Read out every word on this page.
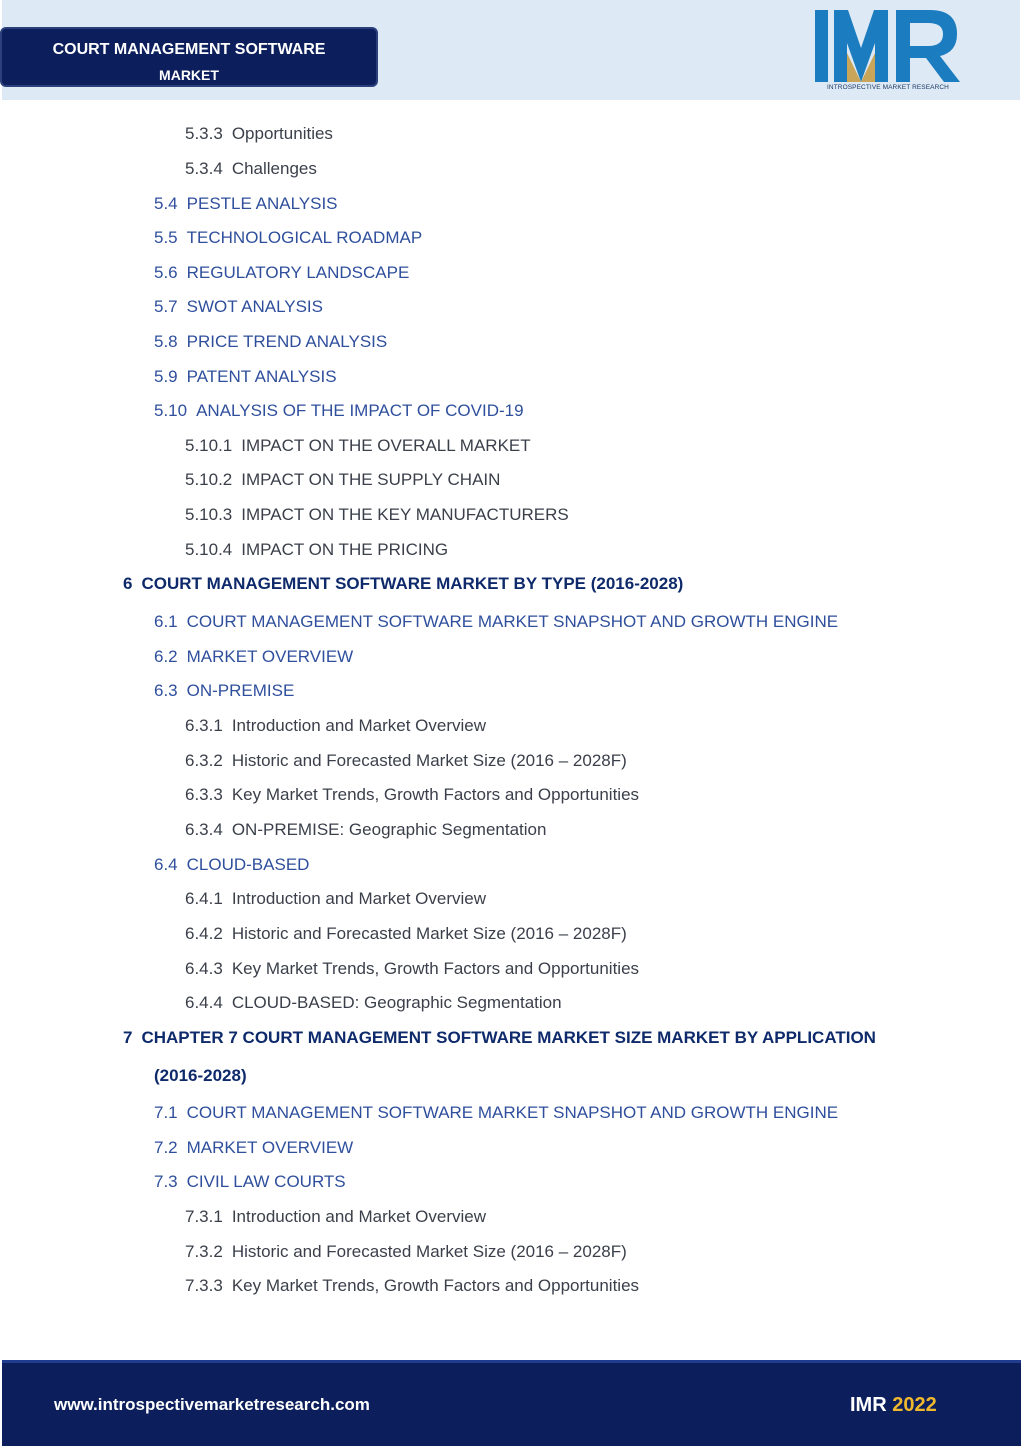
COURT MANAGEMENT SOFTWARE
MARKET
INTROSPECTIVE MARKET RESEARCH
5.3.3 Opportunities
5.3.4 Challenges
5.4 PESTLE ANALYSIS
5.5 TECHNOLOGICAL ROADMAP
5.6 REGULATORY LANDSCAPE
5.7 SWOT ANALYSIS
5.8 PRICE TREND ANALYSIS
5.9 PATENT ANALYSIS
5.10 ANALYSIS OF THE IMPACT OF COVID-19
5.10.1 IMPACT ON THE OVERALL MARKET
5.10.2 IMPACT ON THE SUPPLY CHAIN
5.10.3 IMPACT ON THE KEY MANUFACTURERS
5.10.4 IMPACT ON THE PRICING
6 COURT MANAGEMENT SOFTWARE MARKET BY TYPE (2016-2028)
6.1 COURT MANAGEMENT SOFTWARE MARKET SNAPSHOT AND GROWTH ENGINE
6.2 MARKET OVERVIEW
6.3 ON-PREMISE
6.3.1 Introduction and Market Overview
6.3.2 Historic and Forecasted Market Size (2016 – 2028F)
6.3.3 Key Market Trends, Growth Factors and Opportunities
6.3.4 ON-PREMISE: Geographic Segmentation
6.4 CLOUD-BASED
6.4.1 Introduction and Market Overview
6.4.2 Historic and Forecasted Market Size (2016 – 2028F)
6.4.3 Key Market Trends, Growth Factors and Opportunities
6.4.4 CLOUD-BASED: Geographic Segmentation
7 CHAPTER 7 COURT MANAGEMENT SOFTWARE MARKET SIZE MARKET BY APPLICATION
(2016-2028)
7.1 COURT MANAGEMENT SOFTWARE MARKET SNAPSHOT AND GROWTH ENGINE
7.2 MARKET OVERVIEW
7.3 CIVIL LAW COURTS
7.3.1 Introduction and Market Overview
7.3.2 Historic and Forecasted Market Size (2016 – 2028F)
7.3.3 Key Market Trends, Growth Factors and Opportunities
www.introspectivemarketresearch.com	IMR 2022
